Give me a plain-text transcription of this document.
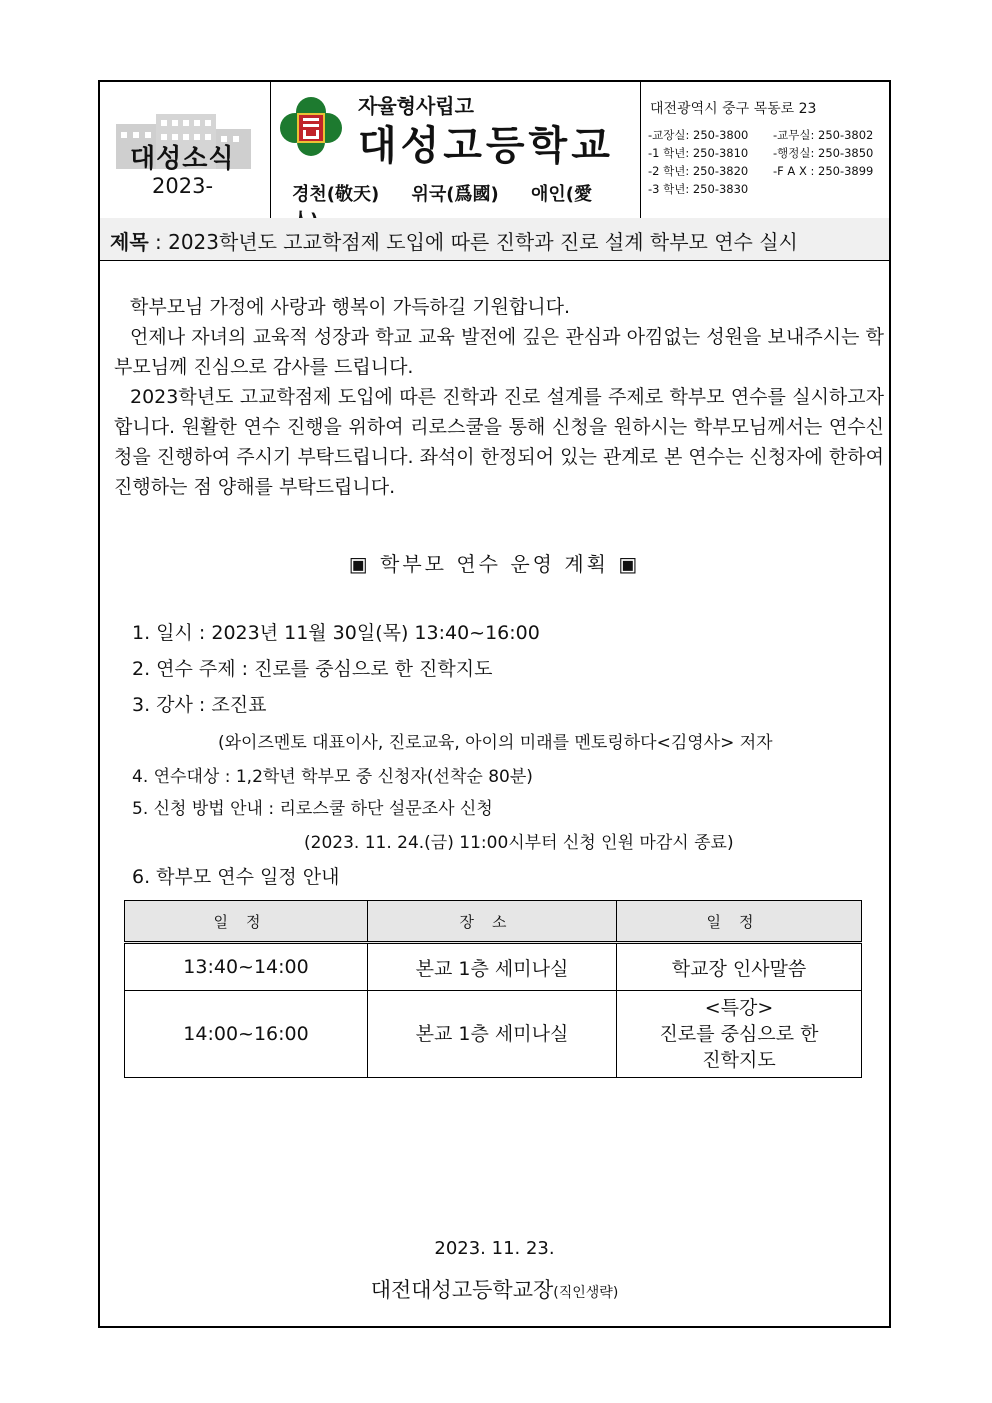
대성소식
2023-
자율형사립고
대성고등학교
경천(敬天) 위국(爲國) 애인(愛
대전광역시 중구 목동로 23
-교장실: 250-3800 -교무실: 250-3802
-1 학년: 250-3810 -행정실: 250-3850
-2 학년: 250-3820 -F A X : 250-3899
-3 학년: 250-3830
제목 : 2023학년도 고교학점제 도입에 따른 진학과 진로 설계 학부모 연수 실시

학부모님 가정에 사랑과 행복이 가득하길 기원합니다.

언제나 자녀의 교육적 성장과 학교 교육 발전에 깊은 관심과 아낌없는 성원을 보내주시는 학부모님께 진심으로 감사를 드립니다.

2023학년도 고교학점제 도입에 따른 진학과 진로 설계를 주제로 학부모 연수를 실시하고자 합니다. 원활한 연수 진행을 위하여 리로스쿨을 통해 신청을 원하시는 학부모님께서는 연수신청을 진행하여 주시기 부탁드립니다. 좌석이 한정되어 있는 관계로 본 연수는 신청자에 한하여 진행하는 점 양해를 부탁드립니다.

▣ 학부모 연수 운영 계획 ▣
1. 일시 : 2023년 11월 30일(목) 13:40~16:00
2. 연수 주제 : 진로를 중심으로 한 진학지도
3. 강사 : 조진표
(와이즈멘토 대표이사, 진로교육, 아이의 미래를 멘토링하다<김영사> 저자
4. 연수대상 : 1,2학년 학부모 중 신청자(선착순 80분)
5. 신청 방법 안내 : 리로스쿨 하단 설문조사 신청
(2023. 11. 24.(금) 11:00시부터 신청 인원 마감시 종료)
6. 학부모 연수 일정 안내
일정	장소	일정
13:40~14:00	본교 1층 세미나실	학교장 인사말씀
14:00~16:00	본교 1층 세미나실	<특강>
진로를 중심으로 한
진학지도
2023. 11. 23.
대전대성고등학교장(직인생략)
